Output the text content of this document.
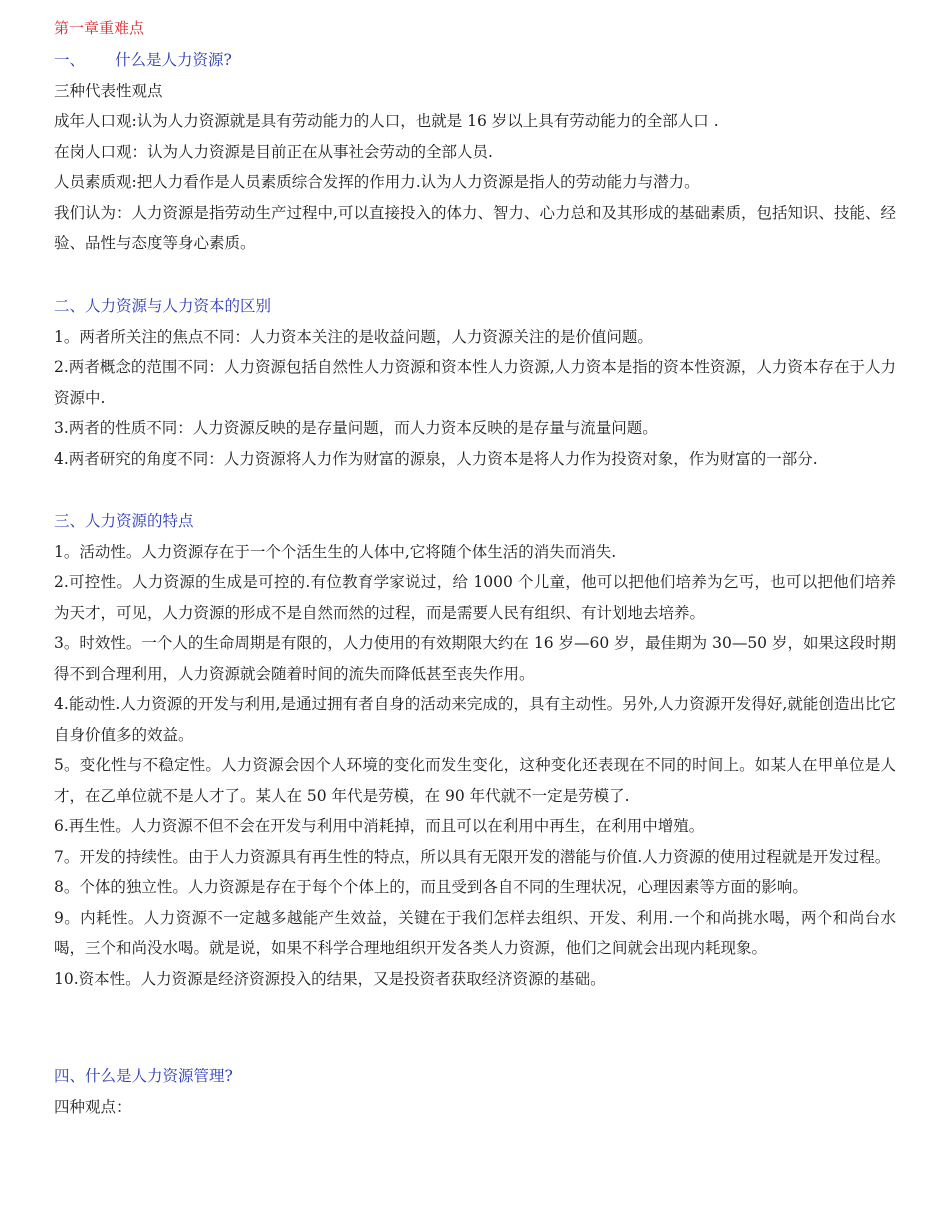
第一章重难点
一、 什么是人力资源?

三种代表性观点

成年人口观:认为人力资源就是具有劳动能力的人口，也就是 16 岁以上具有劳动能力的全部人口 .

在岗人口观：认为人力资源是目前正在从事社会劳动的全部人员.

人员素质观:把人力看作是人员素质综合发挥的作用力.认为人力资源是指人的劳动能力与潜力。

我们认为：人力资源是指劳动生产过程中,可以直接投入的体力、智力、心力总和及其形成的基础素质，包括知识、技能、经验、品性与态度等身心素质。

二、人力资源与人力资本的区别

1。两者所关注的焦点不同：人力资本关注的是收益问题，人力资源关注的是价值问题。

2.两者概念的范围不同：人力资源包括自然性人力资源和资本性人力资源,人力资本是指的资本性资源，人力资本存在于人力资源中.

3.两者的性质不同：人力资源反映的是存量问题，而人力资本反映的是存量与流量问题。

4.两者研究的角度不同：人力资源将人力作为财富的源泉，人力资本是将人力作为投资对象，作为财富的一部分.

三、人力资源的特点

1。活动性。人力资源存在于一个个活生生的人体中,它将随个体生活的消失而消失.

2.可控性。人力资源的生成是可控的.有位教育学家说过，给 1000 个儿童，他可以把他们培养为乞丐，也可以把他们培养为天才，可见，人力资源的形成不是自然而然的过程，而是需要人民有组织、有计划地去培养。

3。时效性。一个人的生命周期是有限的，人力使用的有效期限大约在 16 岁—60 岁，最佳期为 30—50 岁，如果这段时期得不到合理利用，人力资源就会随着时间的流失而降低甚至丧失作用。

4.能动性.人力资源的开发与利用,是通过拥有者自身的活动来完成的，具有主动性。另外,人力资源开发得好,就能创造出比它自身价值多的效益。

5。变化性与不稳定性。人力资源会因个人环境的变化而发生变化，这种变化还表现在不同的时间上。如某人在甲单位是人才，在乙单位就不是人才了。某人在 50 年代是劳模，在 90 年代就不一定是劳模了.

6.再生性。人力资源不但不会在开发与利用中消耗掉，而且可以在利用中再生，在利用中增殖。

7。开发的持续性。由于人力资源具有再生性的特点，所以具有无限开发的潜能与价值.人力资源的使用过程就是开发过程。

8。个体的独立性。人力资源是存在于每个个体上的，而且受到各自不同的生理状况，心理因素等方面的影响。

9。内耗性。人力资源不一定越多越能产生效益，关键在于我们怎样去组织、开发、利用.一个和尚挑水喝，两个和尚台水喝，三个和尚没水喝。就是说，如果不科学合理地组织开发各类人力资源，他们之间就会出现内耗现象。

10.资本性。人力资源是经济资源投入的结果，又是投资者获取经济资源的基础。

四、什么是人力资源管理?

四种观点：
